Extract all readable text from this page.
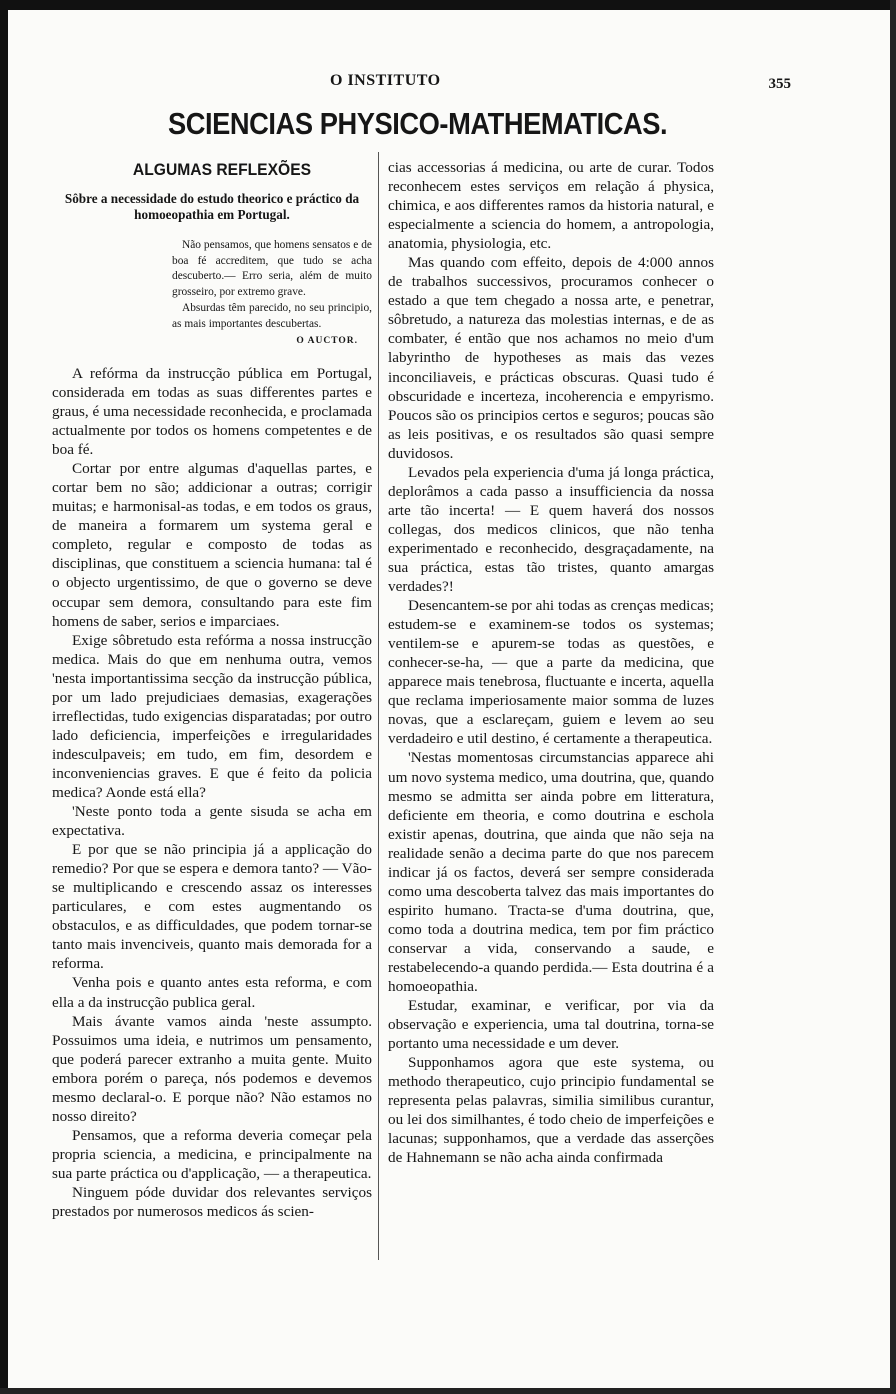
O INSTITUTO	355
SCIENCIAS PHYSICO-MATHEMATICAS.
ALGUMAS REFLEXÕES
Sôbre a necessidade do estudo theorico e práctico da homoeopathia em Portugal.

Não pensamos, que homens sensatos e de boa fé accreditem, que tudo se acha descuberto.— Erro seria, além de muito grosseiro, por extremo grave.

Absurdas têm parecido, no seu principio, as mais importantes descubertas.

O AUCTOR.

A refórma da instrucção pública em Portugal, considerada em todas as suas differentes partes e graus, é uma necessidade reconhecida, e proclamada actualmente por todos os homens competentes e de boa fé.

Cortar por entre algumas d'aquellas partes, e cortar bem no são; addicionar a outras; corrigir muitas; e harmonisal-as todas, e em todos os graus, de maneira a formarem um systema geral e completo, regular e composto de todas as disciplinas, que constituem a sciencia humana: tal é o objecto urgentissimo, de que o governo se deve occupar sem demora, consultando para este fim homens de saber, serios e imparciaes.

Exige sôbretudo esta refórma a nossa instrucção medica. Mais do que em nenhuma outra, vemos 'nesta importantissima secção da instrucção pública, por um lado prejudiciaes demasias, exagerações irreflectidas, tudo exigencias disparatadas; por outro lado deficiencia, imperfeições e irregularidades indesculpaveis; em tudo, em fim, desordem e inconveniencias graves. E que é feito da policia medica? Aonde está ella?

'Neste ponto toda a gente sisuda se acha em expectativa.

E por que se não principia já a applicação do remedio? Por que se espera e demora tanto? — Vão-se multiplicando e crescendo assaz os interesses particulares, e com estes augmentando os obstaculos, e as difficuldades, que podem tornar-se tanto mais invenciveis, quanto mais demorada for a reforma.

Venha pois e quanto antes esta reforma, e com ella a da instrucção publica geral.

Mais ávante vamos ainda 'neste assumpto. Possuimos uma ideia, e nutrimos um pensamento, que poderá parecer extranho a muita gente. Muito embora porém o pareça, nós podemos e devemos mesmo declaral-o. E porque não? Não estamos no nosso direito?

Pensamos, que a reforma deveria começar pela propria sciencia, a medicina, e principalmente na sua parte práctica ou d'applicação, — a therapeutica.

Ninguem póde duvidar dos relevantes serviços prestados por numerosos medicos ás scien-

cias accessorias á medicina, ou arte de curar. Todos reconhecem estes serviços em relação á physica, chimica, e aos differentes ramos da historia natural, e especialmente a sciencia do homem, a antropologia, anatomia, physiologia, etc.

Mas quando com effeito, depois de 4:000 annos de trabalhos successivos, procuramos conhecer o estado a que tem chegado a nossa arte, e penetrar, sôbretudo, a natureza das molestias internas, e de as combater, é então que nos achamos no meio d'um labyrintho de hypotheses as mais das vezes inconciliaveis, e prácticas obscuras. Quasi tudo é obscuridade e incerteza, incoherencia e empyrismo. Poucos são os principios certos e seguros; poucas são as leis positivas, e os resultados são quasi sempre duvidosos.

Levados pela experiencia d'uma já longa práctica, deplorâmos a cada passo a insufficiencia da nossa arte tão incerta! — E quem haverá dos nossos collegas, dos medicos clinicos, que não tenha experimentado e reconhecido, desgraçadamente, na sua práctica, estas tão tristes, quanto amargas verdades?!

Desencantem-se por ahi todas as crenças medicas; estudem-se e examinem-se todos os systemas; ventilem-se e apurem-se todas as questões, e conhecer-se-ha, — que a parte da medicina, que apparece mais tenebrosa, fluctuante e incerta, aquella que reclama imperiosamente maior somma de luzes novas, que a esclareçam, guiem e levem ao seu verdadeiro e util destino, é certamente a therapeutica.

'Nestas momentosas circumstancias apparece ahi um novo systema medico, uma doutrina, que, quando mesmo se admitta ser ainda pobre em litteratura, deficiente em theoria, e como doutrina e eschola existir apenas, doutrina, que ainda que não seja na realidade senão a decima parte do que nos parecem indicar já os factos, deverá ser sempre considerada como uma descoberta talvez das mais importantes do espirito humano. Tracta-se d'uma doutrina, que, como toda a doutrina medica, tem por fim práctico conservar a vida, conservando a saude, e restabelecendo-a quando perdida.— Esta doutrina é a homoeopathia.

Estudar, examinar, e verificar, por via da observação e experiencia, uma tal doutrina, torna-se portanto uma necessidade e um dever.

Supponhamos agora que este systema, ou methodo therapeutico, cujo principio fundamental se representa pelas palavras, similia similibus curantur, ou lei dos similhantes, é todo cheio de imperfeições e lacunas; supponhamos, que a verdade das asserções de Hahnemann se não acha ainda confirmada
